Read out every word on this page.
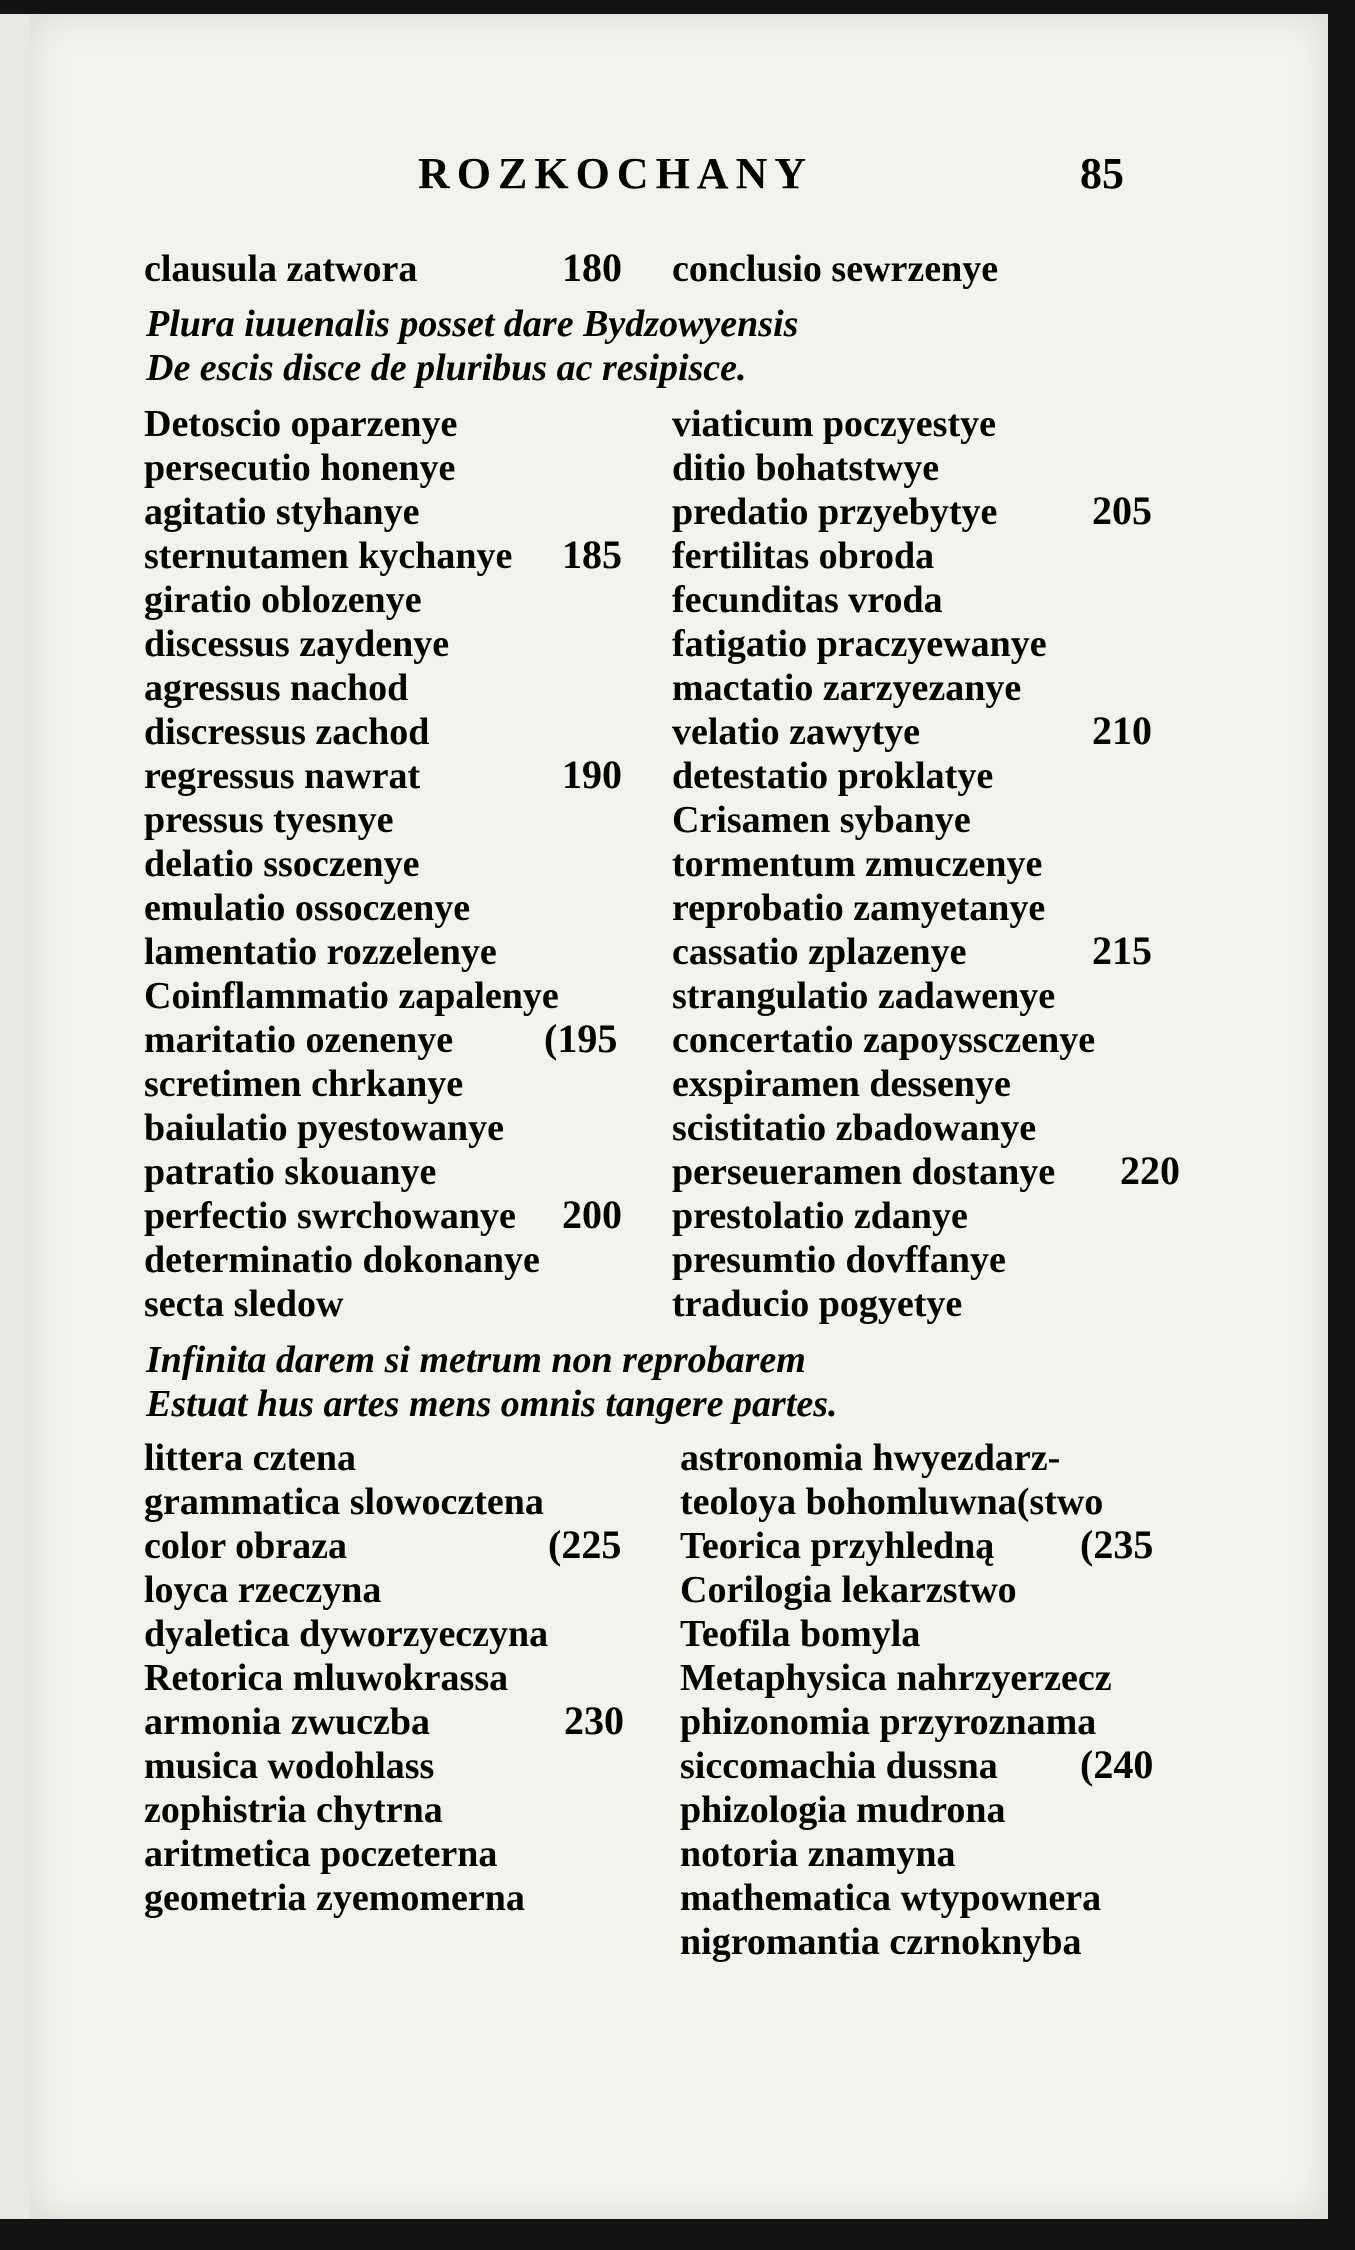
ROZKOCHANY	85
clausula zatwora	180 conclusio sewrzenye
Plura iuuenalis posset dare Bydzowyensis
De escis disce de pluribus ac resipisce.
Detoscio oparzenye
persecutio honenye
agitatio styhanye
sternutamen kychanye
giratio oblozenye
discessus zaydenye
agressus nachod
discressus zachod
regressus nawrat
pressus tyesnye
delatio ssoczenye
emulatio ossoczenye
lamentatio rozzelenye
Coinflammatio zapalenye
maritatio ozenenye
scretimen chrkanye
baiulatio pyestowanye
patratio skouanye
perfectio swrchowanye
determinatio dokonanye
secta sledow
185
190
(195
200
viaticum poczyestye
ditio bohatstwye
predatio przyebytye
fertilitas obroda
fecunditas vroda
fatigatio praczyewanye
mactatio zarzyezanye
velatio zawytye
detestatio proklatye
Crisamen sybanye
tormentum zmuczenye
reprobatio zamyetanye
cassatio zplazenye
strangulatio zadawenye
concertatio zapoyssczenye
exspiramen dessenye
scistitatio zbadowanye
perseueramen dostanye
prestolatio zdanye
presumtio dovffanye
traducio pogyetye
205
210
215
220
Infinita darem si metrum non reprobarem
Estuat hus artes mens omnis tangere partes.
littera cztena
grammatica slowocztena
color obraza
loyca rzeczyna
dyaletica dyworzyeczyna
Retorica mluwokrassa
armonia zwuczba
musica wodohlass
zophistria chytrna
aritmetica poczeterna
geometria zyemomerna
(225
230
astronomia hwyezdarz-
teoloya bohomluwna(stwo
Teorica przyhledną
Corilogia lekarzstwo
Teofila bomyla
Metaphysica nahrzyerzecz
phizonomia przyroznama
siccomachia dussna
phizologia mudrona
notoria znamyna
mathematica wtypownera
nigromantia czrnoknyba
(235
(240
